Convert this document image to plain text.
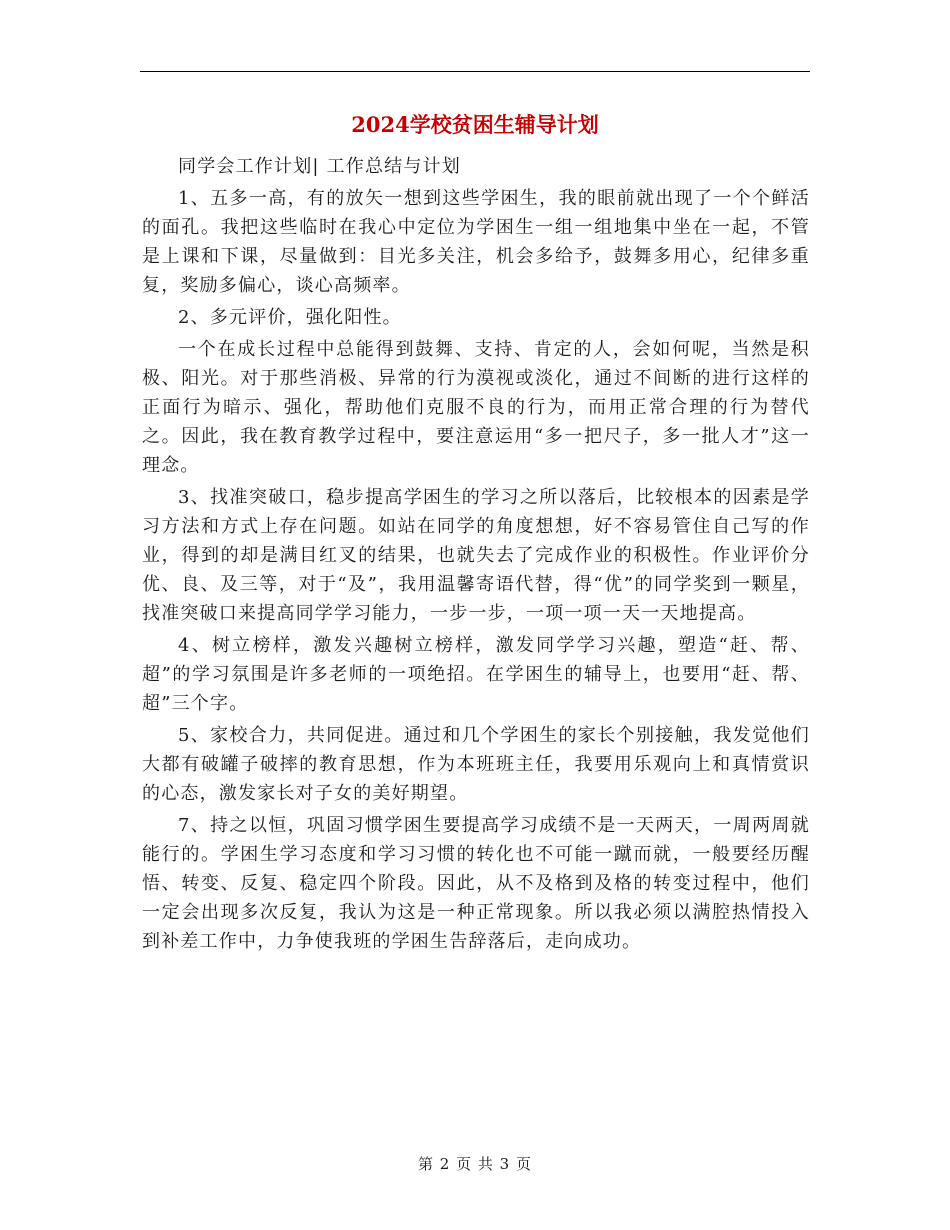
2024学校贫困生辅导计划

同学会工作计划| 工作总结与计划

1、五多一高，有的放矢一想到这些学困生，我的眼前就出现了一个个鲜活的面孔。我把这些临时在我心中定位为学困生一组一组地集中坐在一起，不管是上课和下课，尽量做到：目光多关注，机会多给予，鼓舞多用心，纪律多重复，奖励多偏心，谈心高频率。

2、多元评价，强化阳性。

一个在成长过程中总能得到鼓舞、支持、肯定的人，会如何呢，当然是积极、阳光。对于那些消极、异常的行为漠视或淡化，通过不间断的进行这样的正面行为暗示、强化，帮助他们克服不良的行为，而用正常合理的行为替代之。因此，我在教育教学过程中，要注意运用“多一把尺子，多一批人才”这一理念。

3、找准突破口，稳步提高学困生的学习之所以落后，比较根本的因素是学习方法和方式上存在问题。如站在同学的角度想想，好不容易管住自己写的作业，得到的却是满目红叉的结果，也就失去了完成作业的积极性。作业评价分优、良、及三等，对于“及”，我用温馨寄语代替，得“优”的同学奖到一颗星，找准突破口来提高同学学习能力，一步一步，一项一项一天一天地提高。

4、树立榜样，激发兴趣树立榜样，激发同学学习兴趣，塑造“赶、帮、超”的学习氛围是许多老师的一项绝招。在学困生的辅导上，也要用“赶、帮、超”三个字。

5、家校合力，共同促进。通过和几个学困生的家长个别接触，我发觉他们大都有破罐子破摔的教育思想，作为本班班主任，我要用乐观向上和真情赏识的心态，激发家长对子女的美好期望。

7、持之以恒，巩固习惯学困生要提高学习成绩不是一天两天，一周两周就能行的。学困生学习态度和学习习惯的转化也不可能一蹴而就，一般要经历醒悟、转变、反复、稳定四个阶段。因此，从不及格到及格的转变过程中，他们一定会出现多次反复，我认为这是一种正常现象。所以我必须以满腔热情投入到补差工作中，力争使我班的学困生告辞落后，走向成功。

第 2 页 共 3 页
